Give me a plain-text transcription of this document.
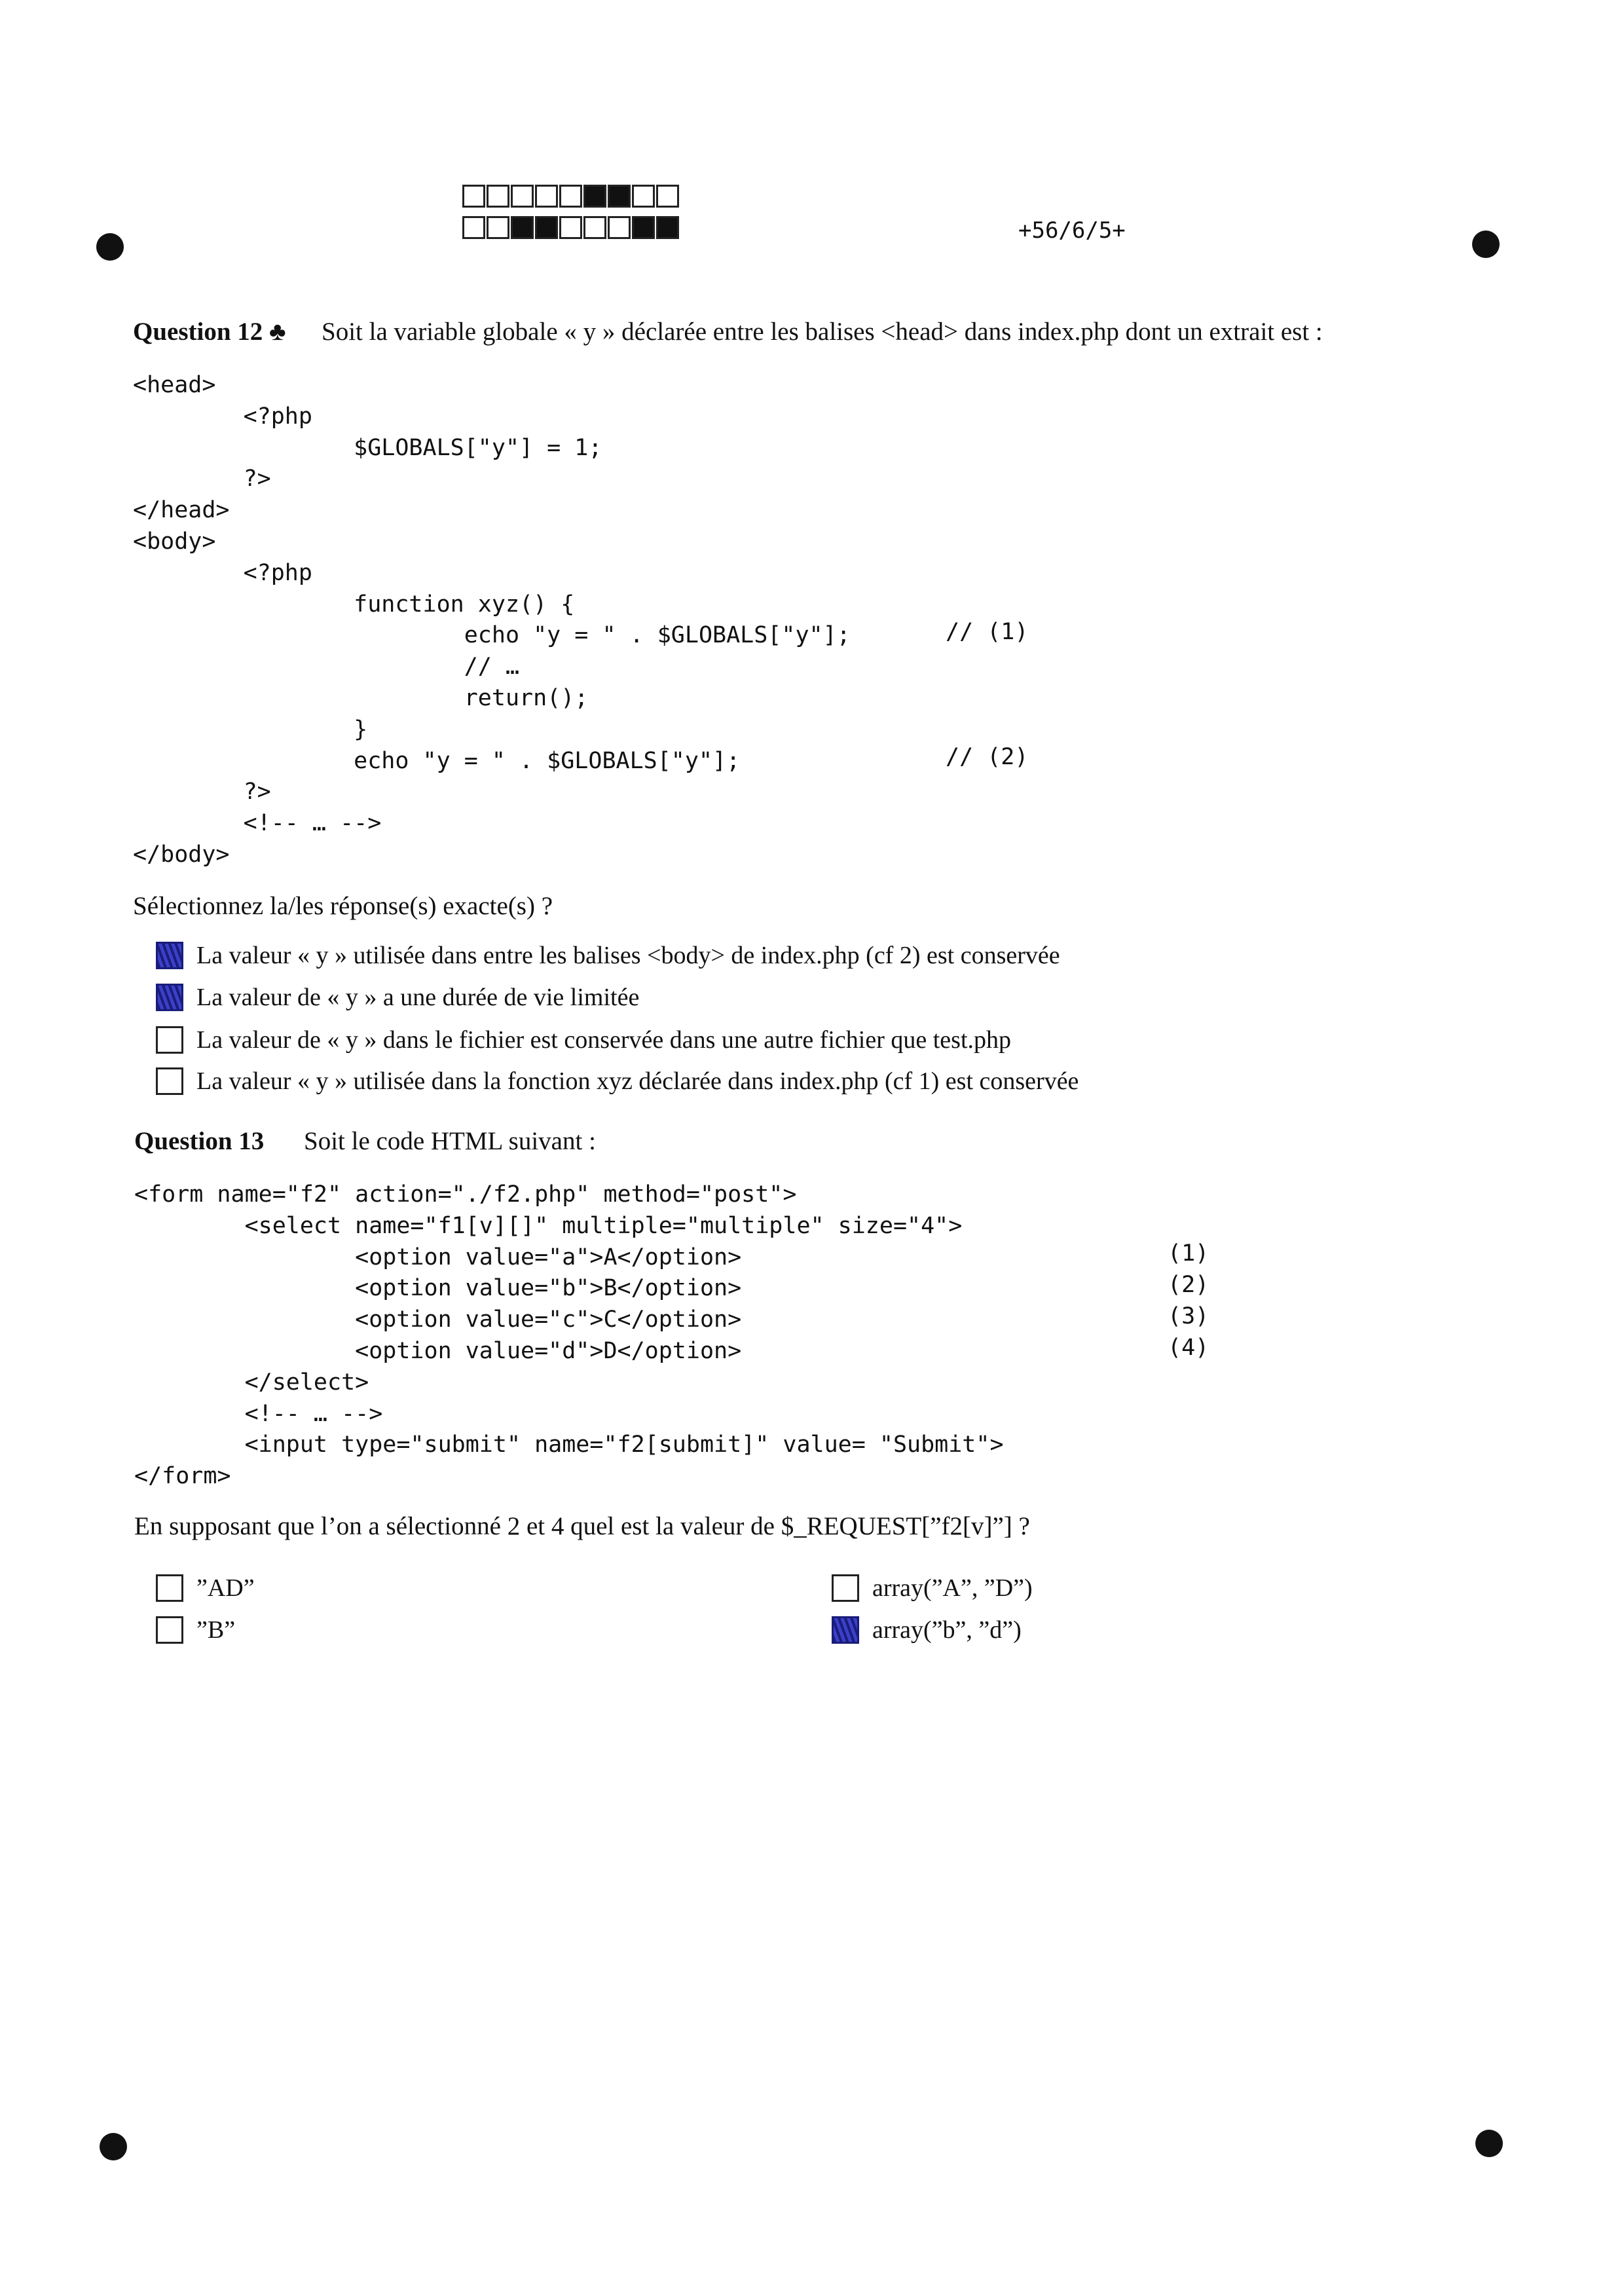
+56/6/5+
Question 12 ♣ Soit la variable globale « y » déclarée entre les balises <head> dans index.php dont un extrait est :
<head>
<?php
$GLOBALS["y"] = 1;
?>
</head>
<body>
<?php
function xyz() {
echo "y = " . $GLOBALS["y"];
// …
return();
}
echo "y = " . $GLOBALS["y"];
?>
<!-- … -->
</body>
// (1)
// (2)
Sélectionnez la/les réponse(s) exacte(s) ?
La valeur « y » utilisée dans entre les balises <body> de index.php (cf 2) est conservée
La valeur de « y » a une durée de vie limitée
La valeur de « y » dans le fichier est conservée dans une autre fichier que test.php
La valeur « y » utilisée dans la fonction xyz déclarée dans index.php (cf 1) est conservée
Question 13 Soit le code HTML suivant :
<form name="f2" action="./f2.php" method="post">
<select name="f1[v][]" multiple="multiple" size="4">
<option value="a">A</option>
<option value="b">B</option>
<option value="c">C</option>
<option value="d">D</option>
</select>
<!-- … -->
<input type="submit" name="f2[submit]" value= "Submit">
</form>
(1)
(2)
(3)
(4)
En supposant que l’on a sélectionné 2 et 4 quel est la valeur de $_REQUEST[”f2[v]”] ?
”AD”
”B”
array(”A”, ”D”)
array(”b”, ”d”)
